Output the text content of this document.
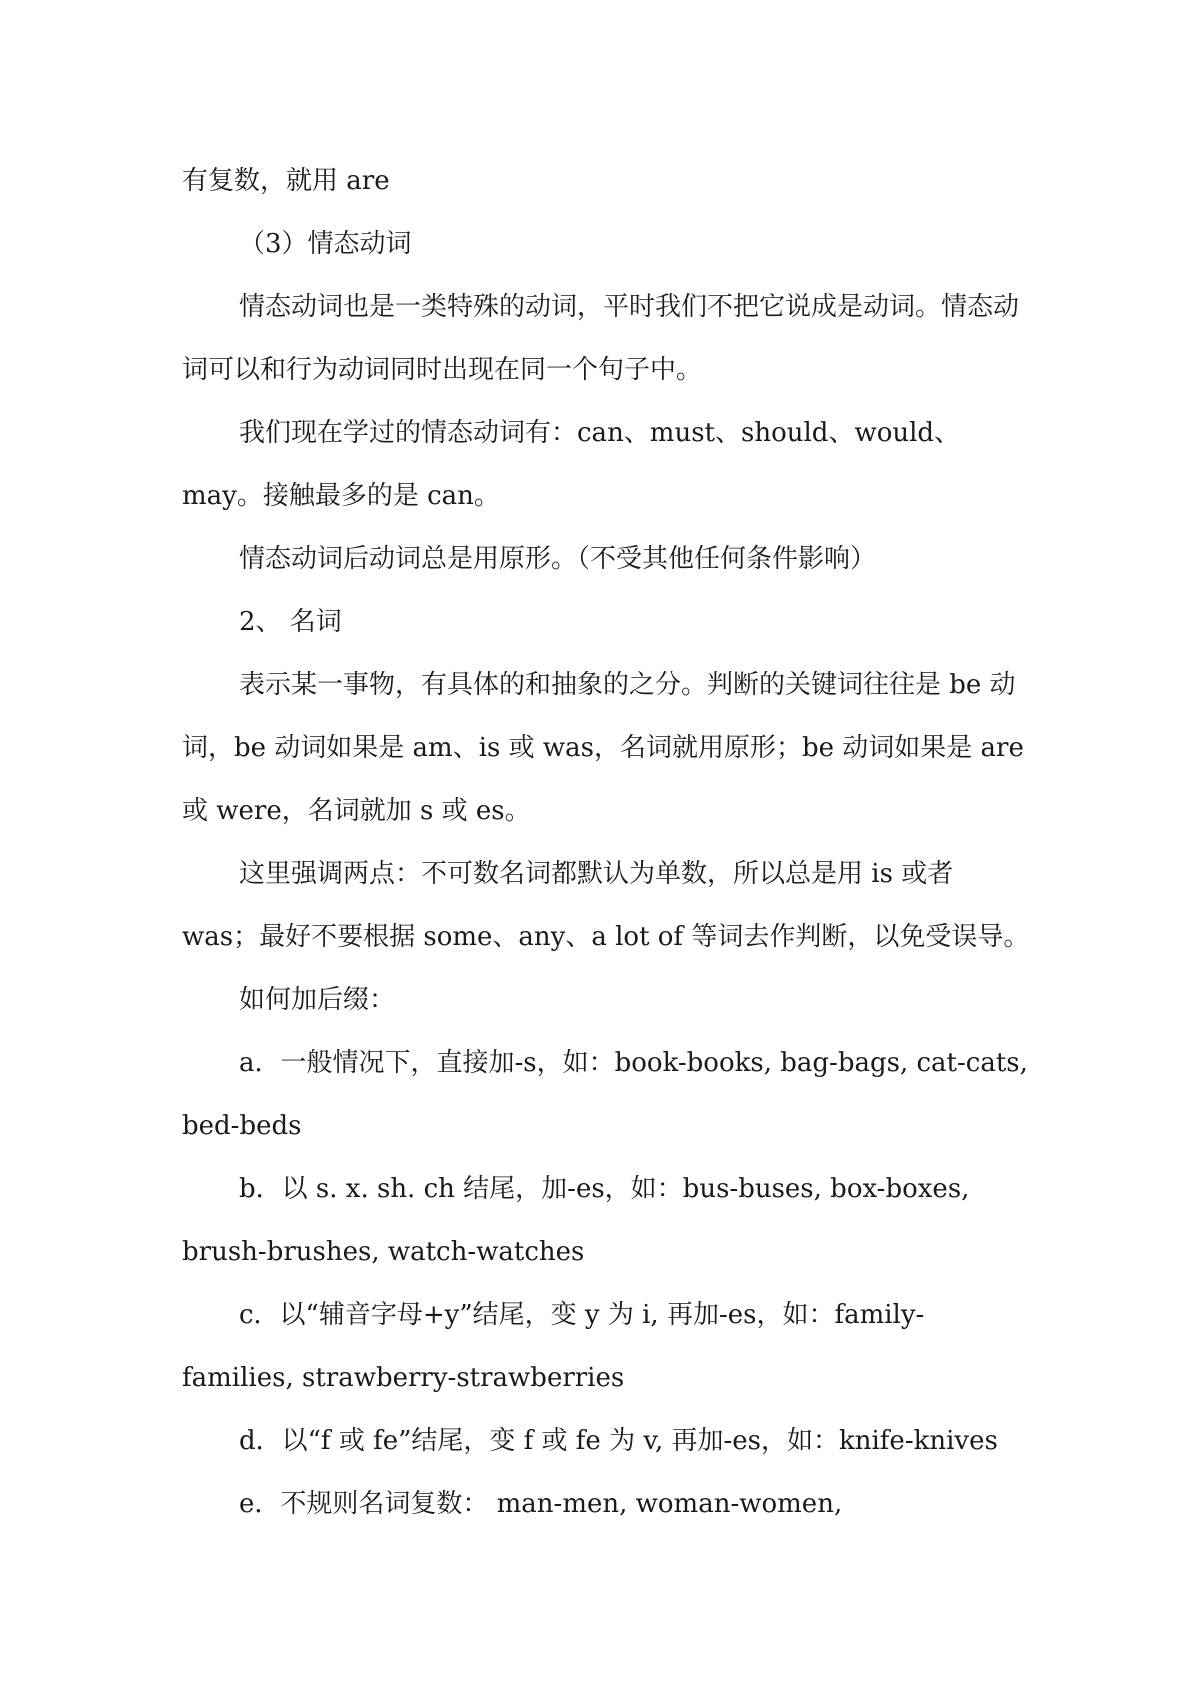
有复数，就用 are

（3）情态动词

情态动词也是一类特殊的动词，平时我们不把它说成是动词。情态动词可以和行为动词同时出现在同一个句子中。

我们现在学过的情态动词有：can、must、should、would、may。接触最多的是 can。

情态动词后动词总是用原形。（不受其他任何条件影响）

2、 名词

表示某一事物，有具体的和抽象的之分。判断的关键词往往是 be 动词，be 动词如果是 am、is 或 was，名词就用原形；be 动词如果是 are 或 were，名词就加 s 或 es。

这里强调两点：不可数名词都默认为单数，所以总是用 is 或者 was；最好不要根据 some、any、a lot of 等词去作判断，以免受误导。

如何加后缀：

a．一般情况下，直接加-s，如：book-books, bag-bags, cat-cats, bed-beds

b．以 s. x. sh. ch 结尾，加-es，如：bus-buses, box-boxes, brush-brushes, watch-watches

c．以“辅音字母+y”结尾，变 y 为 i, 再加-es，如：family-families, strawberry-strawberries

d．以“f 或 fe”结尾，变 f 或 fe 为 v, 再加-es，如：knife-knives

e．不规则名词复数： man-men, woman-women,
